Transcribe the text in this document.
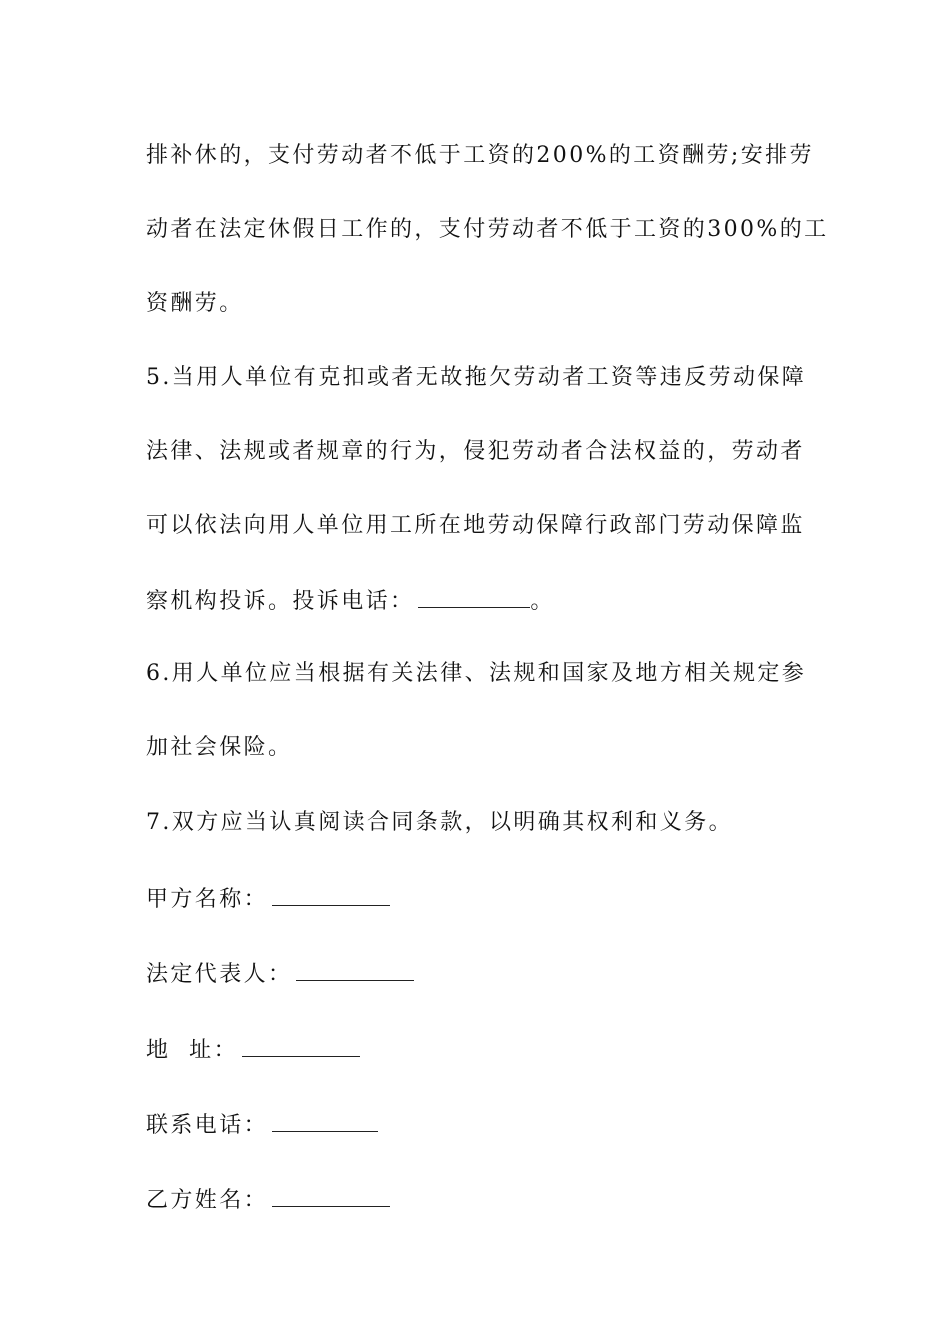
排补休的，支付劳动者不低于工资的200%的工资酬劳;安排劳
动者在法定休假日工作的，支付劳动者不低于工资的300%的工
资酬劳。
5.当用人单位有克扣或者无故拖欠劳动者工资等违反劳动保障
法律、法规或者规章的行为，侵犯劳动者合法权益的，劳动者
可以依法向用人单位用工所在地劳动保障行政部门劳动保障监
察机构投诉。投诉电话：	。
6.用人单位应当根据有关法律、法规和国家及地方相关规定参
加社会保险。
7.双方应当认真阅读合同条款，以明确其权利和义务。
甲方名称：
法定代表人：
地  址：
联系电话：
乙方姓名：
